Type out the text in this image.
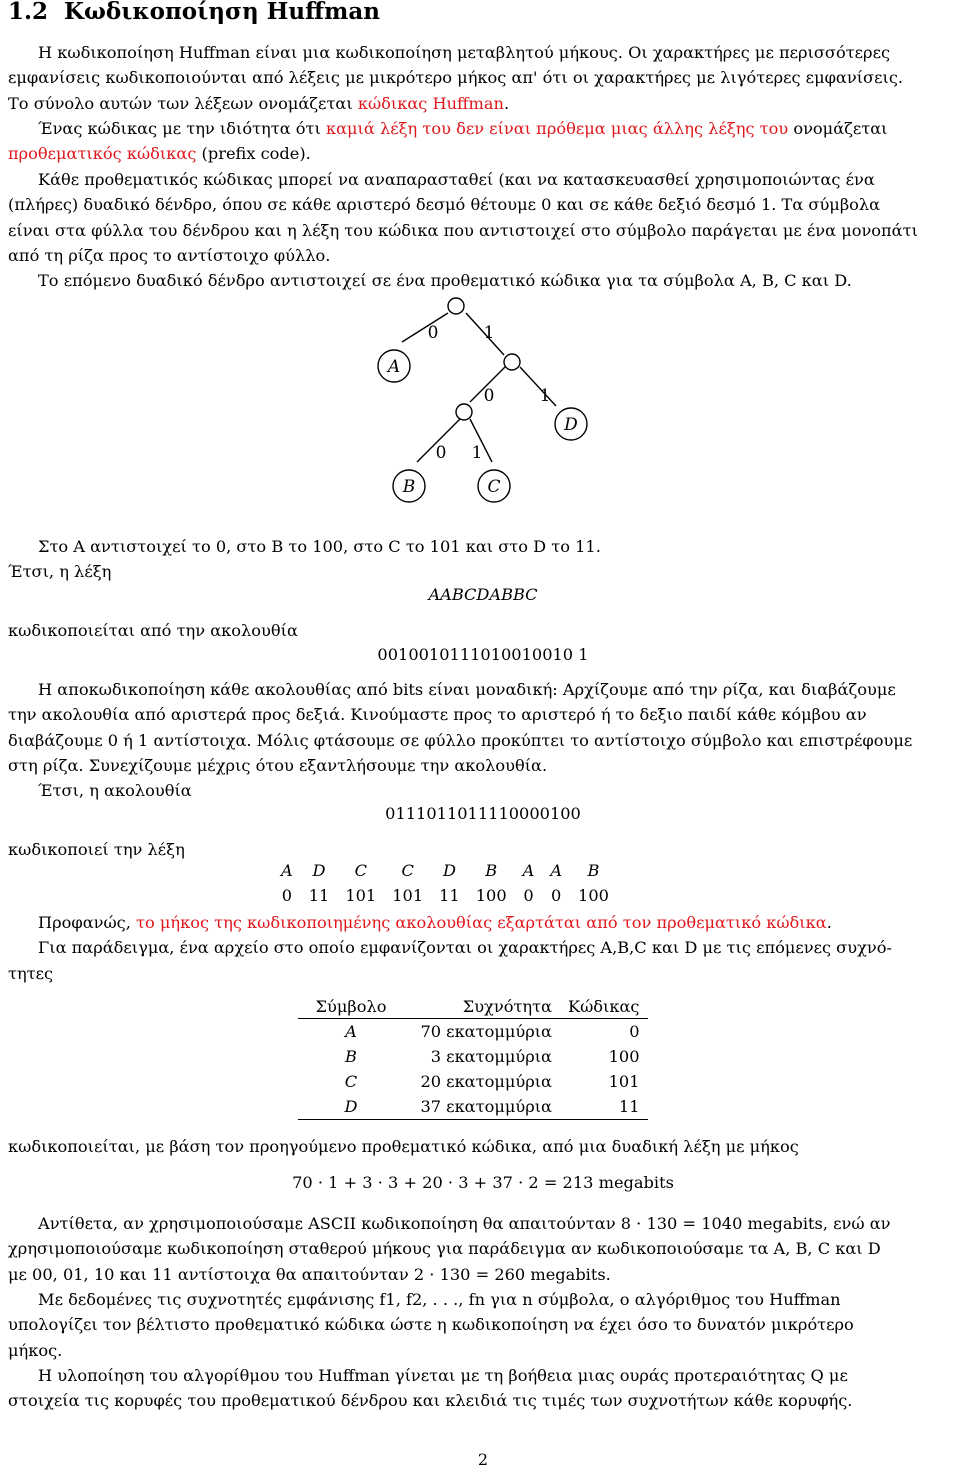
1.2 Κωδικοποίηση Huffman
Η κωδικοποίηση Huffman είναι μια κωδικοποίηση μεταβλητού μήκους. Οι χαρακτήρες με περισσότερες
εμφανίσεις κωδικοποιούνται από λέξεις με μικρότερο μήκος απ' ότι οι χαρακτήρες με λιγότερες εμφανίσεις.
Το σύνολο αυτών των λέξεων ονομάζεται κώδικας Huffman.
Ένας κώδικας με την ιδιότητα ότι καμιά λέξη του δεν είναι πρόθεμα μιας άλλης λέξης του ονομάζεται
προθεματικός κώδικας (prefix code).
Κάθε προθεματικός κώδικας μπορεί να αναπαρασταθεί (και να κατασκευασθεί χρησιμοποιώντας ένα
(πλήρες) δυαδικό δένδρο, όπου σε κάθε αριστερό δεσμό θέτουμε 0 και σε κάθε δεξιό δεσμό 1. Τα σύμβολα
είναι στα φύλλα του δένδρου και η λέξη του κώδικα που αντιστοιχεί στο σύμβολο παράγεται με ένα μονοπάτι
από τη ρίζα προς το αντίστοιχο φύλλο.
Το επόμενο δυαδικό δένδρο αντιστοιχεί σε ένα προθεματικό κώδικα για τα σύμβολα A, B, C και D.
A
B	C
D
0	1
0	1
0 1
Στο A αντιστοιχεί το 0, στο B το 100, στο C το 101 και στο D το 11.
Έτσι, η λέξη
AABCDABBC
κωδικοποιείται από την ακολουθία
0010010111010010010 1
Η αποκωδικοποίηση κάθε ακολουθίας από bits είναι μοναδική: Αρχίζουμε από την ρίζα, και διαβάζουμε
την ακολουθία από αριστερά προς δεξιά. Κινούμαστε προς το αριστερό ή το δεξιο παιδί κάθε κόμβου αν
διαβάζουμε 0 ή 1 αντίστοιχα. Μόλις φτάσουμε σε φύλλο προκύπτει το αντίστοιχο σύμβολο και επιστρέφουμε
στη ρίζα. Συνεχίζουμε μέχρις ότου εξαντλήσουμε την ακολουθία.
Έτσι, η ακολουθία
0111011011110000100
κωδικοποιεί την λέξη
A	D	C	C	D	B	A	A	B
0	11	101	101	11	100	0	0	100
Προφανώς, το μήκος της κωδικοποιημένης ακολουθίας εξαρτάται από τον προθεματικό κώδικα.
Για παράδειγμα, ένα αρχείο στο οποίο εμφανίζονται οι χαρακτήρες A,B,C και D με τις επόμενες συχνό-
τητες
Σύμβολο	Συχνότητα	Κώδικας
A	70 εκατομμύρια	0
B	3 εκατομμύρια	100
C	20 εκατομμύρια	101
D	37 εκατομμύρια	11
κωδικοποιείται, με βάση τον προηγούμενο προθεματικό κώδικα, από μια δυαδική λέξη με μήκος
70 · 1 + 3 · 3 + 20 · 3 + 37 · 2 = 213 megabits
Αντίθετα, αν χρησιμοποιούσαμε ASCII κωδικοποίηση θα απαιτούνταν 8 · 130 = 1040 megabits, ενώ αν
χρησιμοποιούσαμε κωδικοποίηση σταθερού μήκους για παράδειγμα αν κωδικοποιούσαμε τα A, B, C και D
με 00, 01, 10 και 11 αντίστοιχα θα απαιτούνταν 2 · 130 = 260 megabits.
Με δεδομένες τις συχνοτητές εμφάνισης f1, f2, . . ., fn για n σύμβολα, ο αλγόριθμος του Huffman
υπολογίζει τον βέλτιστο προθεματικό κώδικα ώστε η κωδικοποίηση να έχει όσο το δυνατόν μικρότερο
μήκος.
Η υλοποίηση του αλγορίθμου του Huffman γίνεται με τη βοήθεια μιας ουράς προτεραιότητας Q με
στοιχεία τις κορυφές του προθεματικού δένδρου και κλειδιά τις τιμές των συχνοτήτων κάθε κορυφής.
2
